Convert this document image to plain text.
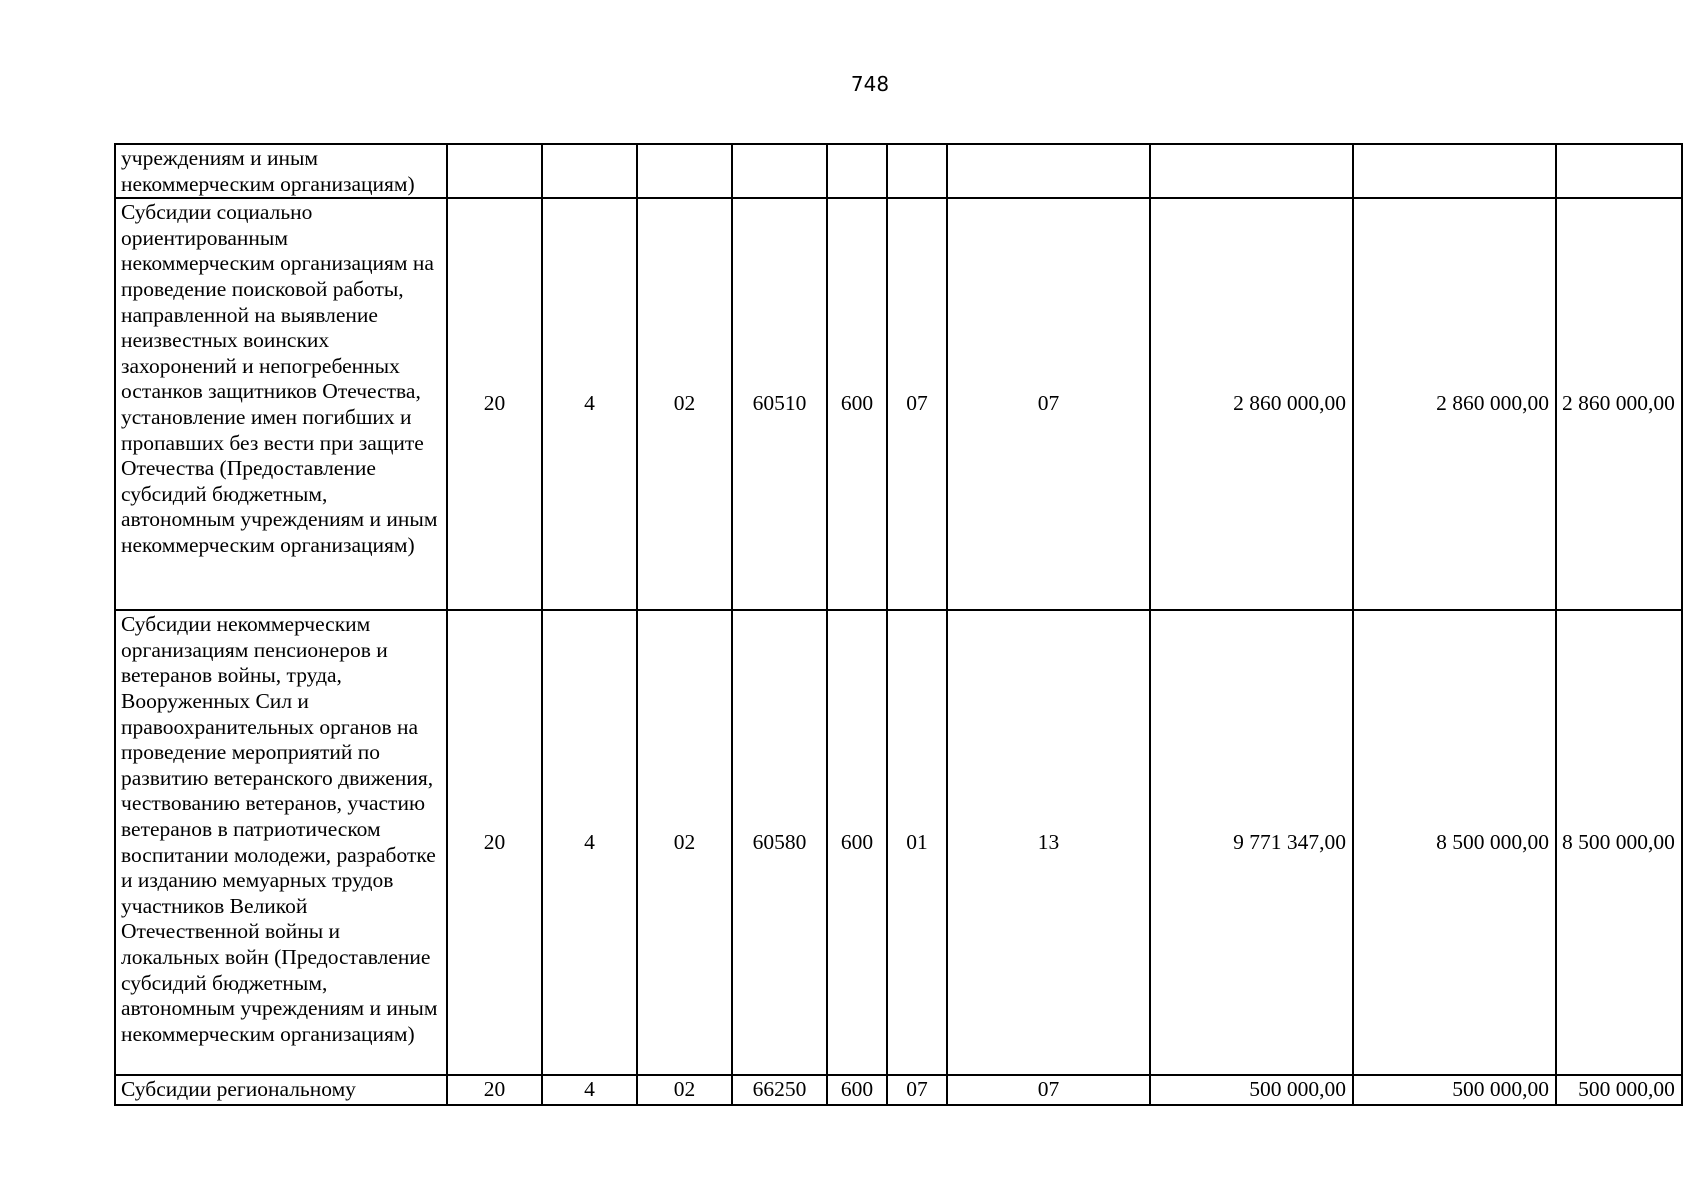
748
учреждениям и иным некоммерческим организациям)										
Субсидии социально ориентированным некоммерческим организациям на проведение поисковой работы, направленной на выявление неизвестных воинских захоронений и непогребенных останков защитников Отечества, установление имен погибших и пропавших без вести при защите Отечества (Предоставление субсидий бюджетным, автономным учреждениям и иным некоммерческим организациям)	20	4	02	60510	600	07	07	2 860 000,00	2 860 000,00	2 860 000,00
Субсидии некоммерческим организациям пенсионеров и ветеранов войны, труда, Вооруженных Сил и правоохранительных органов на проведение мероприятий по развитию ветеранского движения, чествованию ветеранов, участию ветеранов в патриотическом воспитании молодежи, разработке и изданию мемуарных трудов участников Великой Отечественной войны и локальных войн (Предоставление субсидий бюджетным, автономным учреждениям и иным некоммерческим организациям)	20	4	02	60580	600	01	13	9 771 347,00	8 500 000,00	8 500 000,00
Субсидии региональному	20	4	02	66250	600	07	07	500 000,00	500 000,00	500 000,00
